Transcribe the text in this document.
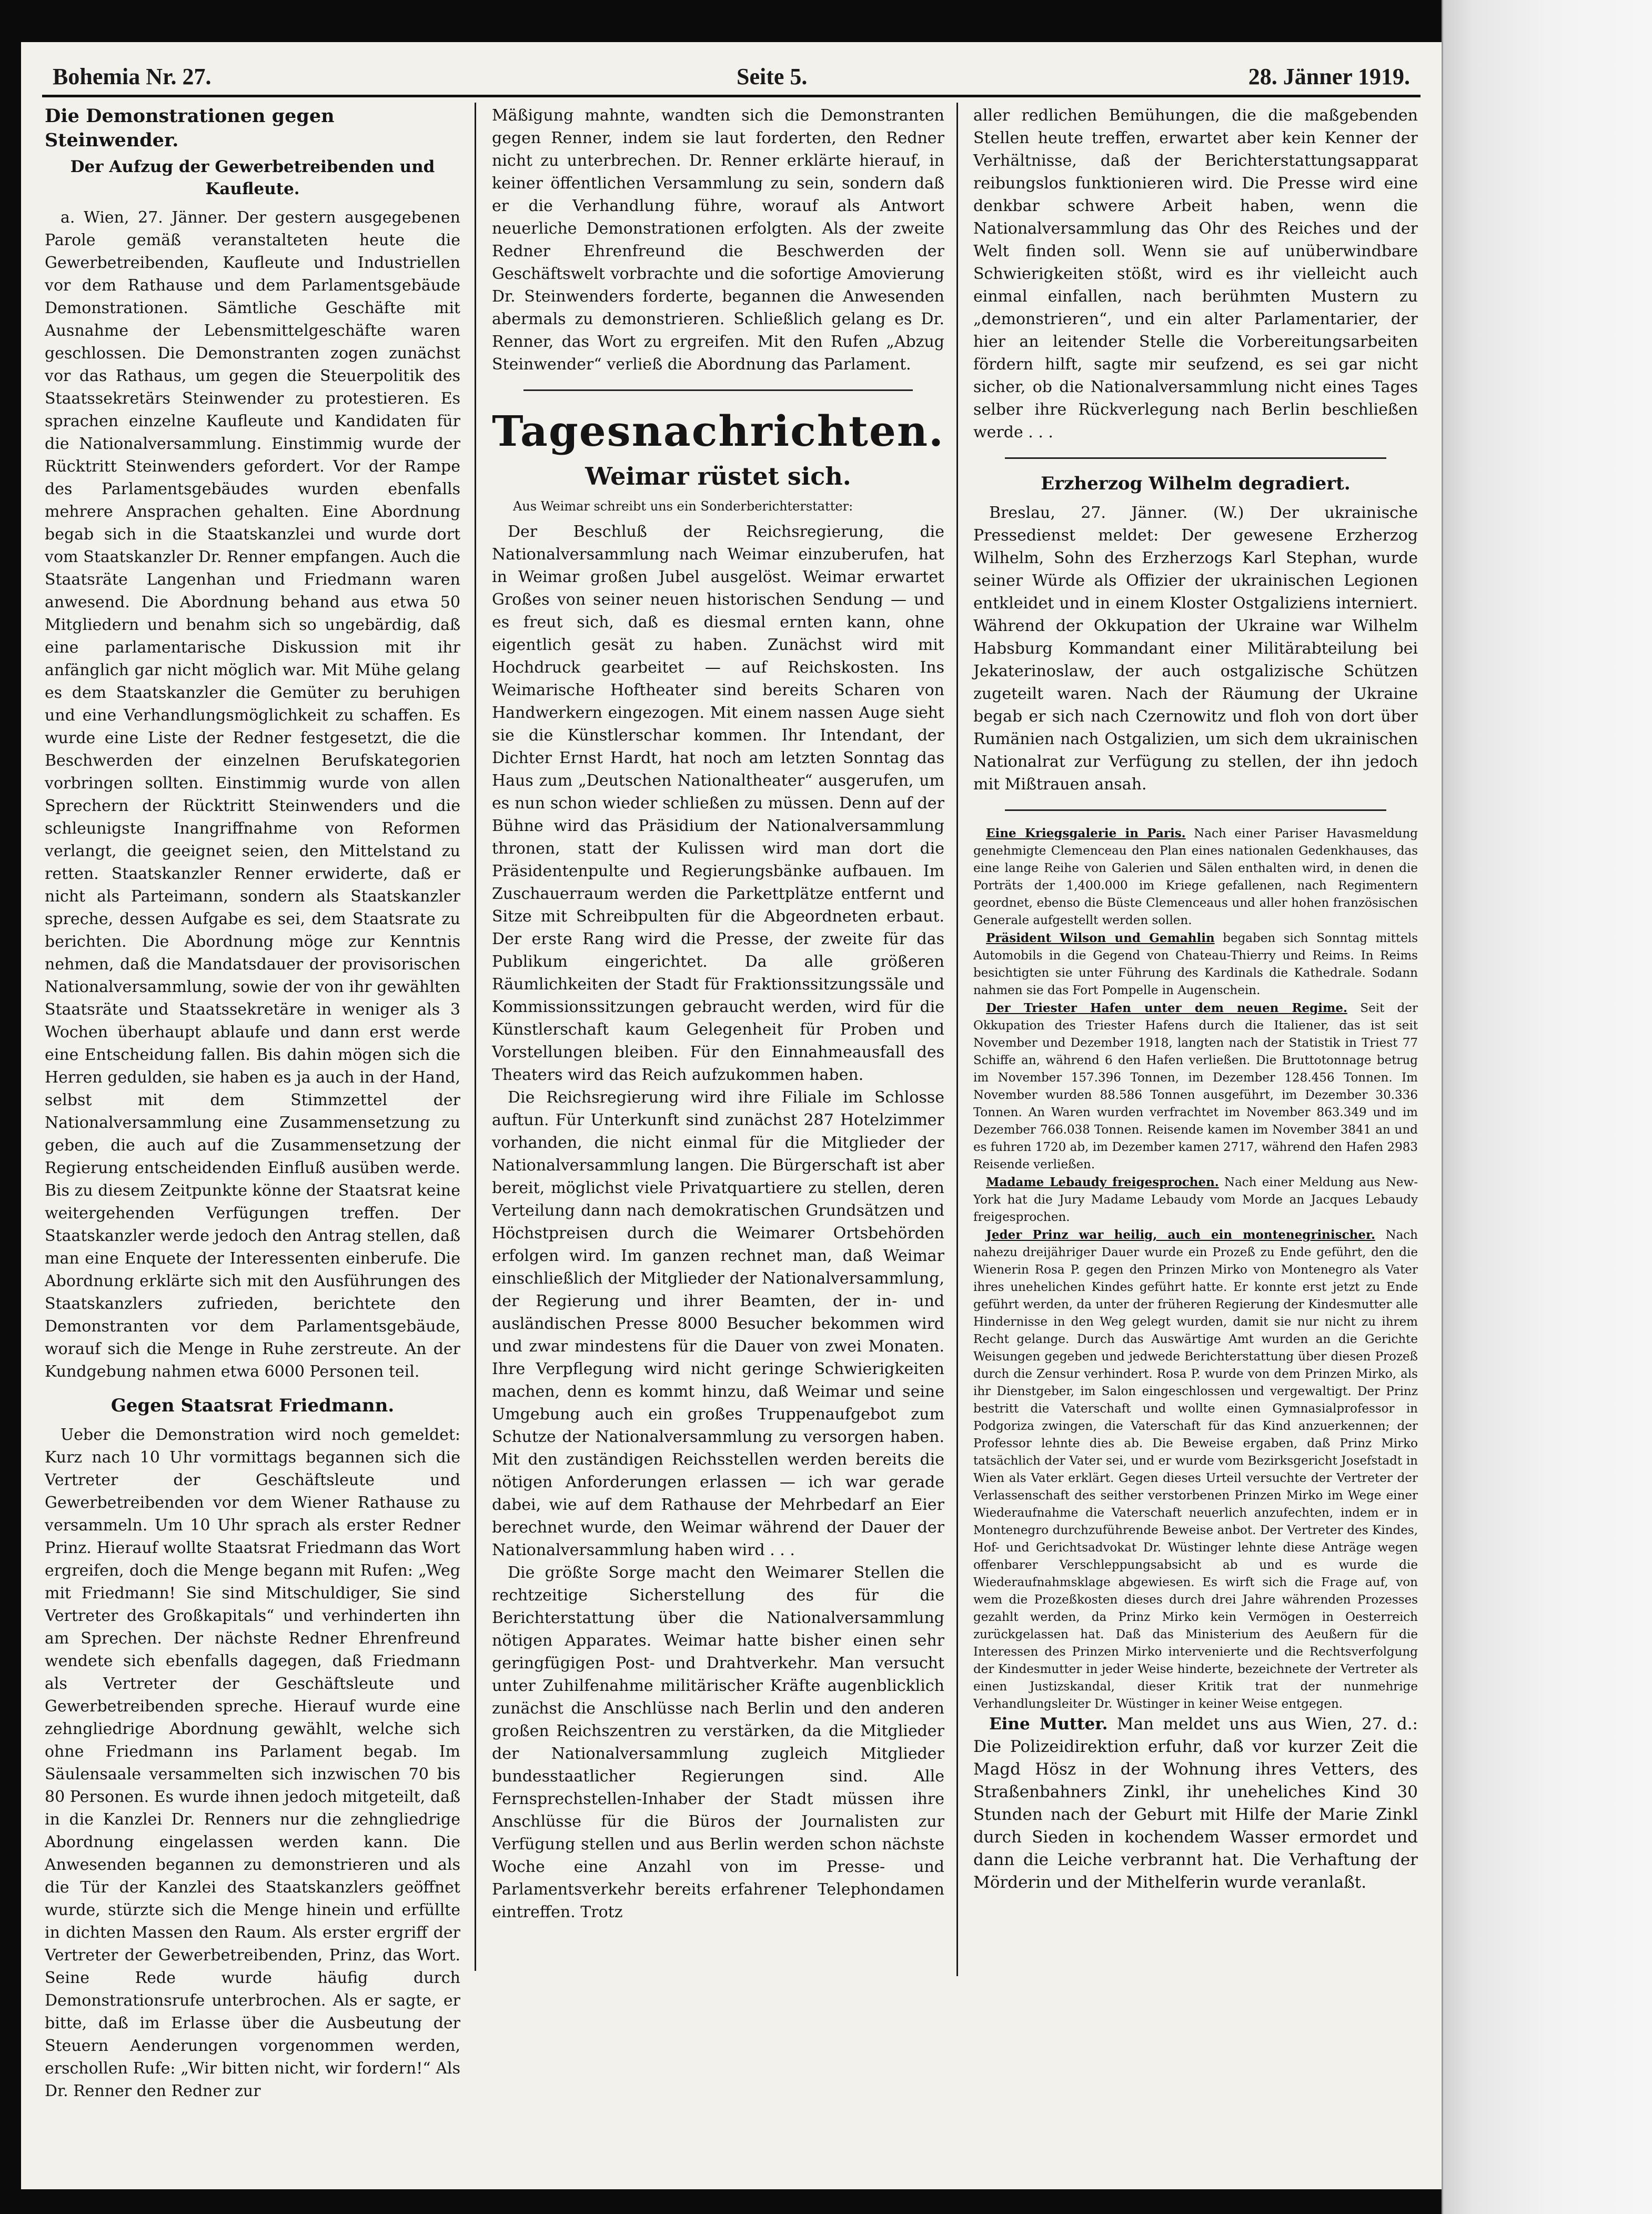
Bohemia Nr. 27.	Seite 5.	28. Jänner 1919.
Die Demonstrationen gegen Steinwender.
Der Aufzug der Gewerbetreibenden und Kaufleute.

a. Wien, 27. Jänner. Der gestern ausgegebenen Parole gemäß veranstalteten heute die Gewerbetreibenden, Kaufleute und Industriellen vor dem Rathause und dem Parlamentsgebäude Demonstrationen. Sämtliche Geschäfte mit Ausnahme der Lebensmittelgeschäfte waren geschlossen. Die Demonstranten zogen zunächst vor das Rathaus, um gegen die Steuerpolitik des Staatssekretärs Steinwender zu protestieren. Es sprachen einzelne Kaufleute und Kandidaten für die Nationalversammlung. Einstimmig wurde der Rücktritt Steinwenders gefordert. Vor der Rampe des Parlamentsgebäudes wurden ebenfalls mehrere Ansprachen gehalten. Eine Abordnung begab sich in die Staatskanzlei und wurde dort vom Staatskanzler Dr. Renner empfangen. Auch die Staatsräte Langenhan und Friedmann waren anwesend. Die Abordnung behand aus etwa 50 Mitgliedern und benahm sich so ungebärdig, daß eine parlamentarische Diskussion mit ihr anfänglich gar nicht möglich war. Mit Mühe gelang es dem Staatskanzler die Gemüter zu beruhigen und eine Verhandlungsmöglichkeit zu schaffen. Es wurde eine Liste der Redner festgesetzt, die die Beschwerden der einzelnen Berufskategorien vorbringen sollten. Einstimmig wurde von allen Sprechern der Rücktritt Steinwenders und die schleunigste Inangriffnahme von Reformen verlangt, die geeignet seien, den Mittelstand zu retten. Staatskanzler Renner erwiderte, daß er nicht als Parteimann, sondern als Staatskanzler spreche, dessen Aufgabe es sei, dem Staatsrate zu berichten. Die Abordnung möge zur Kenntnis nehmen, daß die Mandatsdauer der provisorischen Nationalversammlung, sowie der von ihr gewählten Staatsräte und Staatssekretäre in weniger als 3 Wochen überhaupt ablaufe und dann erst werde eine Entscheidung fallen. Bis dahin mögen sich die Herren gedulden, sie haben es ja auch in der Hand, selbst mit dem Stimmzettel der Nationalversammlung eine Zusammensetzung zu geben, die auch auf die Zusammensetzung der Regierung entscheidenden Einfluß ausüben werde. Bis zu diesem Zeitpunkte könne der Staatsrat keine weitergehenden Verfügungen treffen. Der Staatskanzler werde jedoch den Antrag stellen, daß man eine Enquete der Interessenten einberufe. Die Abordnung erklärte sich mit den Ausführungen des Staatskanzlers zufrieden, berichtete den Demonstranten vor dem Parlamentsgebäude, worauf sich die Menge in Ruhe zerstreute. An der Kundgebung nahmen etwa 6000 Personen teil.

Gegen Staatsrat Friedmann.

Ueber die Demonstration wird noch gemeldet: Kurz nach 10 Uhr vormittags begannen sich die Vertreter der Geschäftsleute und Gewerbetreibenden vor dem Wiener Rathause zu versammeln. Um 10 Uhr sprach als erster Redner Prinz. Hierauf wollte Staatsrat Friedmann das Wort ergreifen, doch die Menge begann mit Rufen: „Weg mit Friedmann! Sie sind Mitschuldiger, Sie sind Vertreter des Großkapitals“ und verhinderten ihn am Sprechen. Der nächste Redner Ehrenfreund wendete sich ebenfalls dagegen, daß Friedmann als Vertreter der Geschäftsleute und Gewerbetreibenden spreche. Hierauf wurde eine zehngliedrige Abordnung gewählt, welche sich ohne Friedmann ins Parlament begab. Im Säulensaale versammelten sich inzwischen 70 bis 80 Personen. Es wurde ihnen jedoch mitgeteilt, daß in die Kanzlei Dr. Renners nur die zehngliedrige Abordnung eingelassen werden kann. Die Anwesenden begannen zu demonstrieren und als die Tür der Kanzlei des Staatskanzlers geöffnet wurde, stürzte sich die Menge hinein und erfüllte in dichten Massen den Raum. Als erster ergriff der Vertreter der Gewerbetreibenden, Prinz, das Wort. Seine Rede wurde häufig durch Demonstrationsrufe unterbrochen. Als er sagte, er bitte, daß im Erlasse über die Ausbeutung der Steuern Aenderungen vorgenommen werden, erschollen Rufe: „Wir bitten nicht, wir fordern!“ Als Dr. Renner den Redner zur

Mäßigung mahnte, wandten sich die Demonstranten gegen Renner, indem sie laut forderten, den Redner nicht zu unterbrechen. Dr. Renner erklärte hierauf, in keiner öffentlichen Versammlung zu sein, sondern daß er die Verhandlung führe, worauf als Antwort neuerliche Demonstrationen erfolgten. Als der zweite Redner Ehrenfreund die Beschwerden der Geschäftswelt vorbrachte und die sofortige Amovierung Dr. Steinwenders forderte, begannen die Anwesenden abermals zu demonstrieren. Schließlich gelang es Dr. Renner, das Wort zu ergreifen. Mit den Rufen „Abzug Steinwender“ verließ die Abordnung das Parlament.

Tagesnachrichten.
Weimar rüstet sich.
Aus Weimar schreibt uns ein Sonderberichterstatter:

Der Beschluß der Reichsregierung, die Nationalversammlung nach Weimar einzuberufen, hat in Weimar großen Jubel ausgelöst. Weimar erwartet Großes von seiner neuen historischen Sendung — und es freut sich, daß es diesmal ernten kann, ohne eigentlich gesät zu haben. Zunächst wird mit Hochdruck gearbeitet — auf Reichskosten. Ins Weimarische Hoftheater sind bereits Scharen von Handwerkern eingezogen. Mit einem nassen Auge sieht sie die Künstlerschar kommen. Ihr Intendant, der Dichter Ernst Hardt, hat noch am letzten Sonntag das Haus zum „Deutschen Nationaltheater“ ausgerufen, um es nun schon wieder schließen zu müssen. Denn auf der Bühne wird das Präsidium der Nationalversammlung thronen, statt der Kulissen wird man dort die Präsidentenpulte und Regierungsbänke aufbauen. Im Zuschauerraum werden die Parkettplätze entfernt und Sitze mit Schreibpulten für die Abgeordneten erbaut. Der erste Rang wird die Presse, der zweite für das Publikum eingerichtet. Da alle größeren Räumlichkeiten der Stadt für Fraktionssitzungssäle und Kommissionssitzungen gebraucht werden, wird für die Künstlerschaft kaum Gelegenheit für Proben und Vorstellungen bleiben. Für den Einnahmeausfall des Theaters wird das Reich aufzukommen haben.

Die Reichsregierung wird ihre Filiale im Schlosse auftun. Für Unterkunft sind zunächst 287 Hotelzimmer vorhanden, die nicht einmal für die Mitglieder der Nationalversammlung langen. Die Bürgerschaft ist aber bereit, möglichst viele Privatquartiere zu stellen, deren Verteilung dann nach demokratischen Grundsätzen und Höchstpreisen durch die Weimarer Ortsbehörden erfolgen wird. Im ganzen rechnet man, daß Weimar einschließlich der Mitglieder der Nationalversammlung, der Regierung und ihrer Beamten, der in- und ausländischen Presse 8000 Besucher bekommen wird und zwar mindestens für die Dauer von zwei Monaten. Ihre Verpflegung wird nicht geringe Schwierigkeiten machen, denn es kommt hinzu, daß Weimar und seine Umgebung auch ein großes Truppenaufgebot zum Schutze der Nationalversammlung zu versorgen haben. Mit den zuständigen Reichsstellen werden bereits die nötigen Anforderungen erlassen — ich war gerade dabei, wie auf dem Rathause der Mehrbedarf an Eier berechnet wurde, den Weimar während der Dauer der Nationalversammlung haben wird . . .

Die größte Sorge macht den Weimarer Stellen die rechtzeitige Sicherstellung des für die Berichterstattung über die Nationalversammlung nötigen Apparates. Weimar hatte bisher einen sehr geringfügigen Post- und Drahtverkehr. Man versucht unter Zuhilfenahme militärischer Kräfte augenblicklich zunächst die Anschlüsse nach Berlin und den anderen großen Reichszentren zu verstärken, da die Mitglieder der Nationalversammlung zugleich Mitglieder bundesstaatlicher Regierungen sind. Alle Fernsprechstellen-Inhaber der Stadt müssen ihre Anschlüsse für die Büros der Journalisten zur Verfügung stellen und aus Berlin werden schon nächste Woche eine Anzahl von im Presse- und Parlamentsverkehr bereits erfahrener Telephondamen eintreffen. Trotz

aller redlichen Bemühungen, die die maßgebenden Stellen heute treffen, erwartet aber kein Kenner der Verhältnisse, daß der Berichterstattungsapparat reibungslos funktionieren wird. Die Presse wird eine denkbar schwere Arbeit haben, wenn die Nationalversammlung das Ohr des Reiches und der Welt finden soll. Wenn sie auf unüberwindbare Schwierigkeiten stößt, wird es ihr vielleicht auch einmal einfallen, nach berühmten Mustern zu „demonstrieren“, und ein alter Parlamentarier, der hier an leitender Stelle die Vorbereitungsarbeiten fördern hilft, sagte mir seufzend, es sei gar nicht sicher, ob die Nationalversammlung nicht eines Tages selber ihre Rückverlegung nach Berlin beschließen werde . . .

Erzherzog Wilhelm degradiert.

Breslau, 27. Jänner. (W.) Der ukrainische Pressedienst meldet: Der gewesene Erzherzog Wilhelm, Sohn des Erzherzogs Karl Stephan, wurde seiner Würde als Offizier der ukrainischen Legionen entkleidet und in einem Kloster Ostgaliziens interniert. Während der Okkupation der Ukraine war Wilhelm Habsburg Kommandant einer Militärabteilung bei Jekaterinoslaw, der auch ostgalizische Schützen zugeteilt waren. Nach der Räumung der Ukraine begab er sich nach Czernowitz und floh von dort über Rumänien nach Ostgalizien, um sich dem ukrainischen Nationalrat zur Verfügung zu stellen, der ihn jedoch mit Mißtrauen ansah.

Eine Kriegsgalerie in Paris. Nach einer Pariser Havasmeldung genehmigte Clemenceau den Plan eines nationalen Gedenkhauses, das eine lange Reihe von Galerien und Sälen enthalten wird, in denen die Porträts der 1,400.000 im Kriege gefallenen, nach Regimentern geordnet, ebenso die Büste Clemenceaus und aller hohen französischen Generale aufgestellt werden sollen.

Präsident Wilson und Gemahlin begaben sich Sonntag mittels Automobils in die Gegend von Chateau-Thierry und Reims. In Reims besichtigten sie unter Führung des Kardinals die Kathedrale. Sodann nahmen sie das Fort Pompelle in Augenschein.

Der Triester Hafen unter dem neuen Regime. Seit der Okkupation des Triester Hafens durch die Italiener, das ist seit November und Dezember 1918, langten nach der Statistik in Triest 77 Schiffe an, während 6 den Hafen verließen. Die Bruttotonnage betrug im November 157.396 Tonnen, im Dezember 128.456 Tonnen. Im November wurden 88.586 Tonnen ausgeführt, im Dezember 30.336 Tonnen. An Waren wurden verfrachtet im November 863.349 und im Dezember 766.038 Tonnen. Reisende kamen im November 3841 an und es fuhren 1720 ab, im Dezember kamen 2717, während den Hafen 2983 Reisende verließen.

Madame Lebaudy freigesprochen. Nach einer Meldung aus New-York hat die Jury Madame Lebaudy vom Morde an Jacques Lebaudy freigesprochen.

Jeder Prinz war heilig, auch ein montenegrinischer. Nach nahezu dreijähriger Dauer wurde ein Prozeß zu Ende geführt, den die Wienerin Rosa P. gegen den Prinzen Mirko von Montenegro als Vater ihres unehelichen Kindes geführt hatte. Er konnte erst jetzt zu Ende geführt werden, da unter der früheren Regierung der Kindesmutter alle Hindernisse in den Weg gelegt wurden, damit sie nur nicht zu ihrem Recht gelange. Durch das Auswärtige Amt wurden an die Gerichte Weisungen gegeben und jedwede Berichterstattung über diesen Prozeß durch die Zensur verhindert. Rosa P. wurde von dem Prinzen Mirko, als ihr Dienstgeber, im Salon eingeschlossen und vergewaltigt. Der Prinz bestritt die Vaterschaft und wollte einen Gymnasialprofessor in Podgoriza zwingen, die Vaterschaft für das Kind anzuerkennen; der Professor lehnte dies ab. Die Beweise ergaben, daß Prinz Mirko tatsächlich der Vater sei, und er wurde vom Bezirksgericht Josefstadt in Wien als Vater erklärt. Gegen dieses Urteil versuchte der Vertreter der Verlassenschaft des seither verstorbenen Prinzen Mirko im Wege einer Wiederaufnahme die Vaterschaft neuerlich anzufechten, indem er in Montenegro durchzuführende Beweise anbot. Der Vertreter des Kindes, Hof- und Gerichtsadvokat Dr. Wüstinger lehnte diese Anträge wegen offenbarer Verschleppungsabsicht ab und es wurde die Wiederaufnahmsklage abgewiesen. Es wirft sich die Frage auf, von wem die Prozeßkosten dieses durch drei Jahre währenden Prozesses gezahlt werden, da Prinz Mirko kein Vermögen in Oesterreich zurückgelassen hat. Daß das Ministerium des Aeußern für die Interessen des Prinzen Mirko intervenierte und die Rechtsverfolgung der Kindesmutter in jeder Weise hinderte, bezeichnete der Vertreter als einen Justizskandal, dieser Kritik trat der nunmehrige Verhandlungsleiter Dr. Wüstinger in keiner Weise entgegen.

Eine Mutter. Man meldet uns aus Wien, 27. d.: Die Polizeidirektion erfuhr, daß vor kurzer Zeit die Magd Hösz in der Wohnung ihres Vetters, des Straßenbahners Zinkl, ihr uneheliches Kind 30 Stunden nach der Geburt mit Hilfe der Marie Zinkl durch Sieden in kochendem Wasser ermordet und dann die Leiche verbrannt hat. Die Verhaftung der Mörderin und der Mithelferin wurde veranlaßt.
